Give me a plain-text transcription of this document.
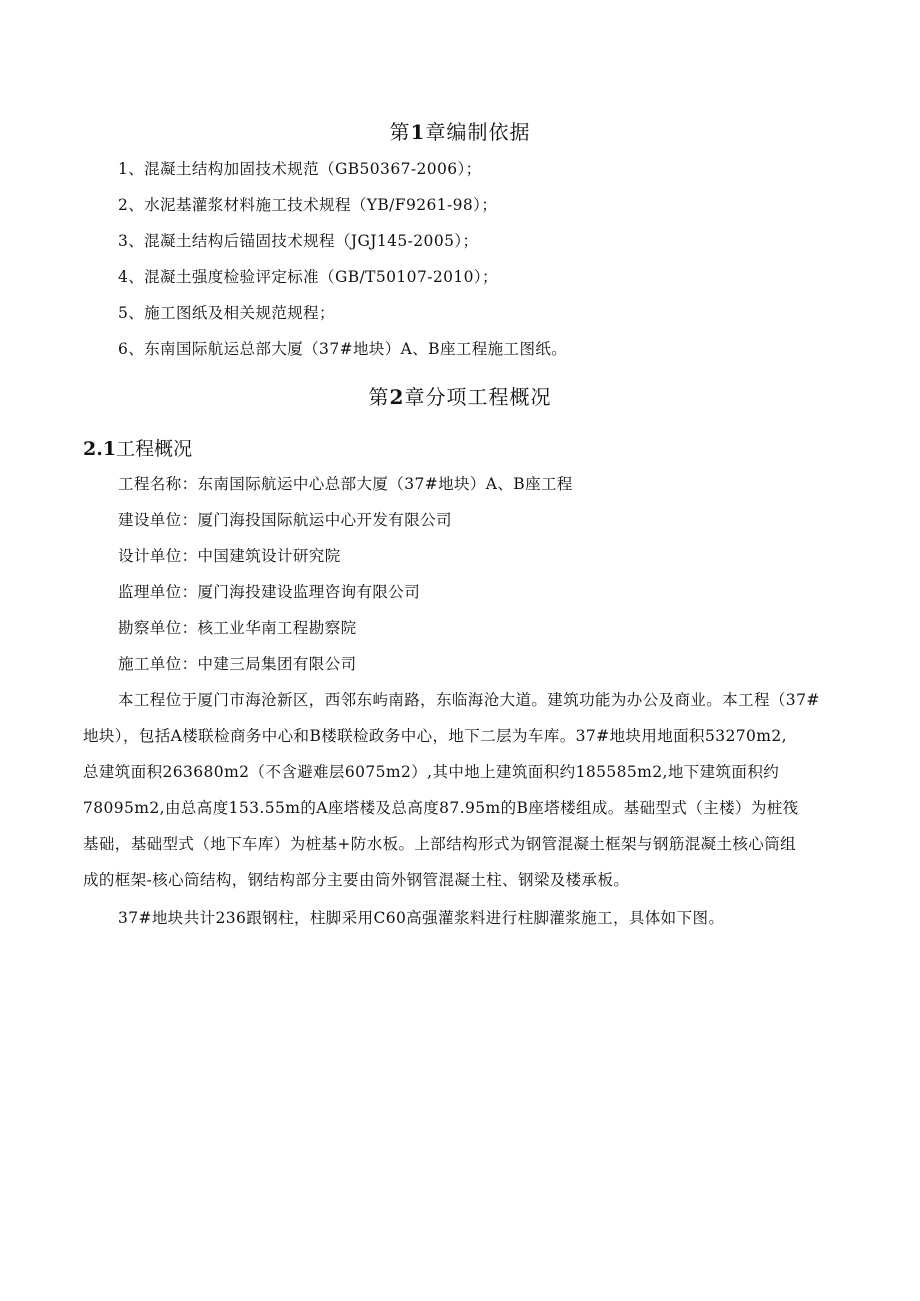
第1章编制依据
1、混凝土结构加固技术规范（GB50367-2006）；
2、水泥基灌浆材料施工技术规程（YB/F9261-98）；
3、混凝土结构后锚固技术规程（JGJ145-2005）；
4、混凝土强度检验评定标准（GB/T50107-2010）；
5、施工图纸及相关规范规程；
6、东南国际航运总部大厦（37#地块）A、B座工程施工图纸。
第2章分项工程概况
2.1工程概况
工程名称：东南国际航运中心总部大厦（37#地块）A、B座工程
建设单位：厦门海投国际航运中心开发有限公司
设计单位：中国建筑设计研究院
监理单位：厦门海投建设监理咨询有限公司
勘察单位：核工业华南工程勘察院
施工单位：中建三局集团有限公司
本工程位于厦门市海沧新区，西邻东屿南路，东临海沧大道。建筑功能为办公及商业。本工程（37#
地块），包括A楼联检商务中心和B楼联检政务中心，地下二层为车库。37#地块用地面积53270m2,
总建筑面积263680m2（不含避难层6075m2）,其中地上建筑面积约185585m2,地下建筑面积约
78095m2,由总高度153.55m的A座塔楼及总高度87.95m的B座塔楼组成。基础型式（主楼）为桩筏
基础，基础型式（地下车库）为桩基+防水板。上部结构形式为钢管混凝土框架与钢筋混凝土核心筒组
成的框架-核心筒结构，钢结构部分主要由筒外钢管混凝土柱、钢梁及楼承板。
37#地块共计236跟钢柱，柱脚采用C60高强灌浆料进行柱脚灌浆施工，具体如下图。
